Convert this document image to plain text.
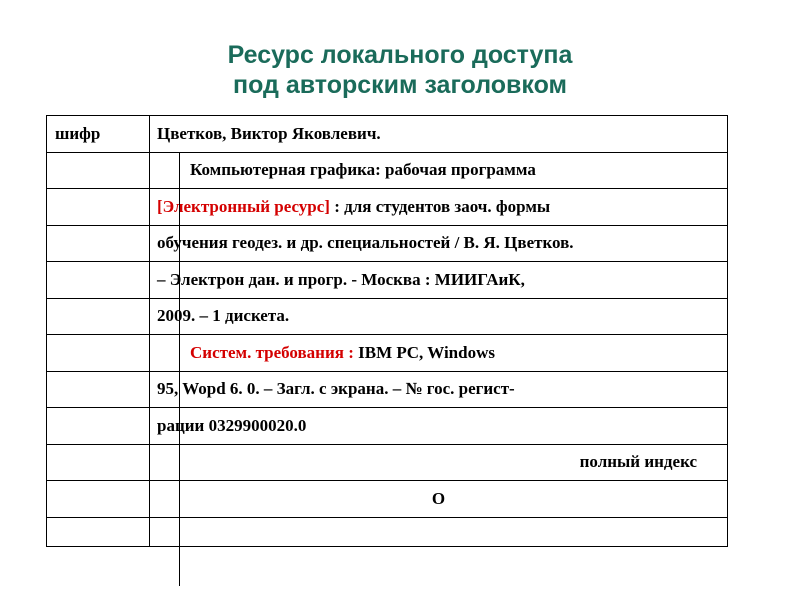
Ресурс локального доступа
под авторским заголовком
шифр	Цветков, Виктор Яковлевич.
	Компьютерная графика: рабочая программа
	[Электронный ресурс] : для студентов заоч. формы
	обучения геодез. и др. специальностей / В. Я. Цветков.
	– Электрон дан. и прогр. - Москва : МИИГАиК,
	2009. – 1 дискета.
	Систем. требования : IBM PC, Windows
	95, Wopd 6. 0. – Загл. с экрана. – № гос. регист-
	рации 0329900020.0
	полный индекс
	О
